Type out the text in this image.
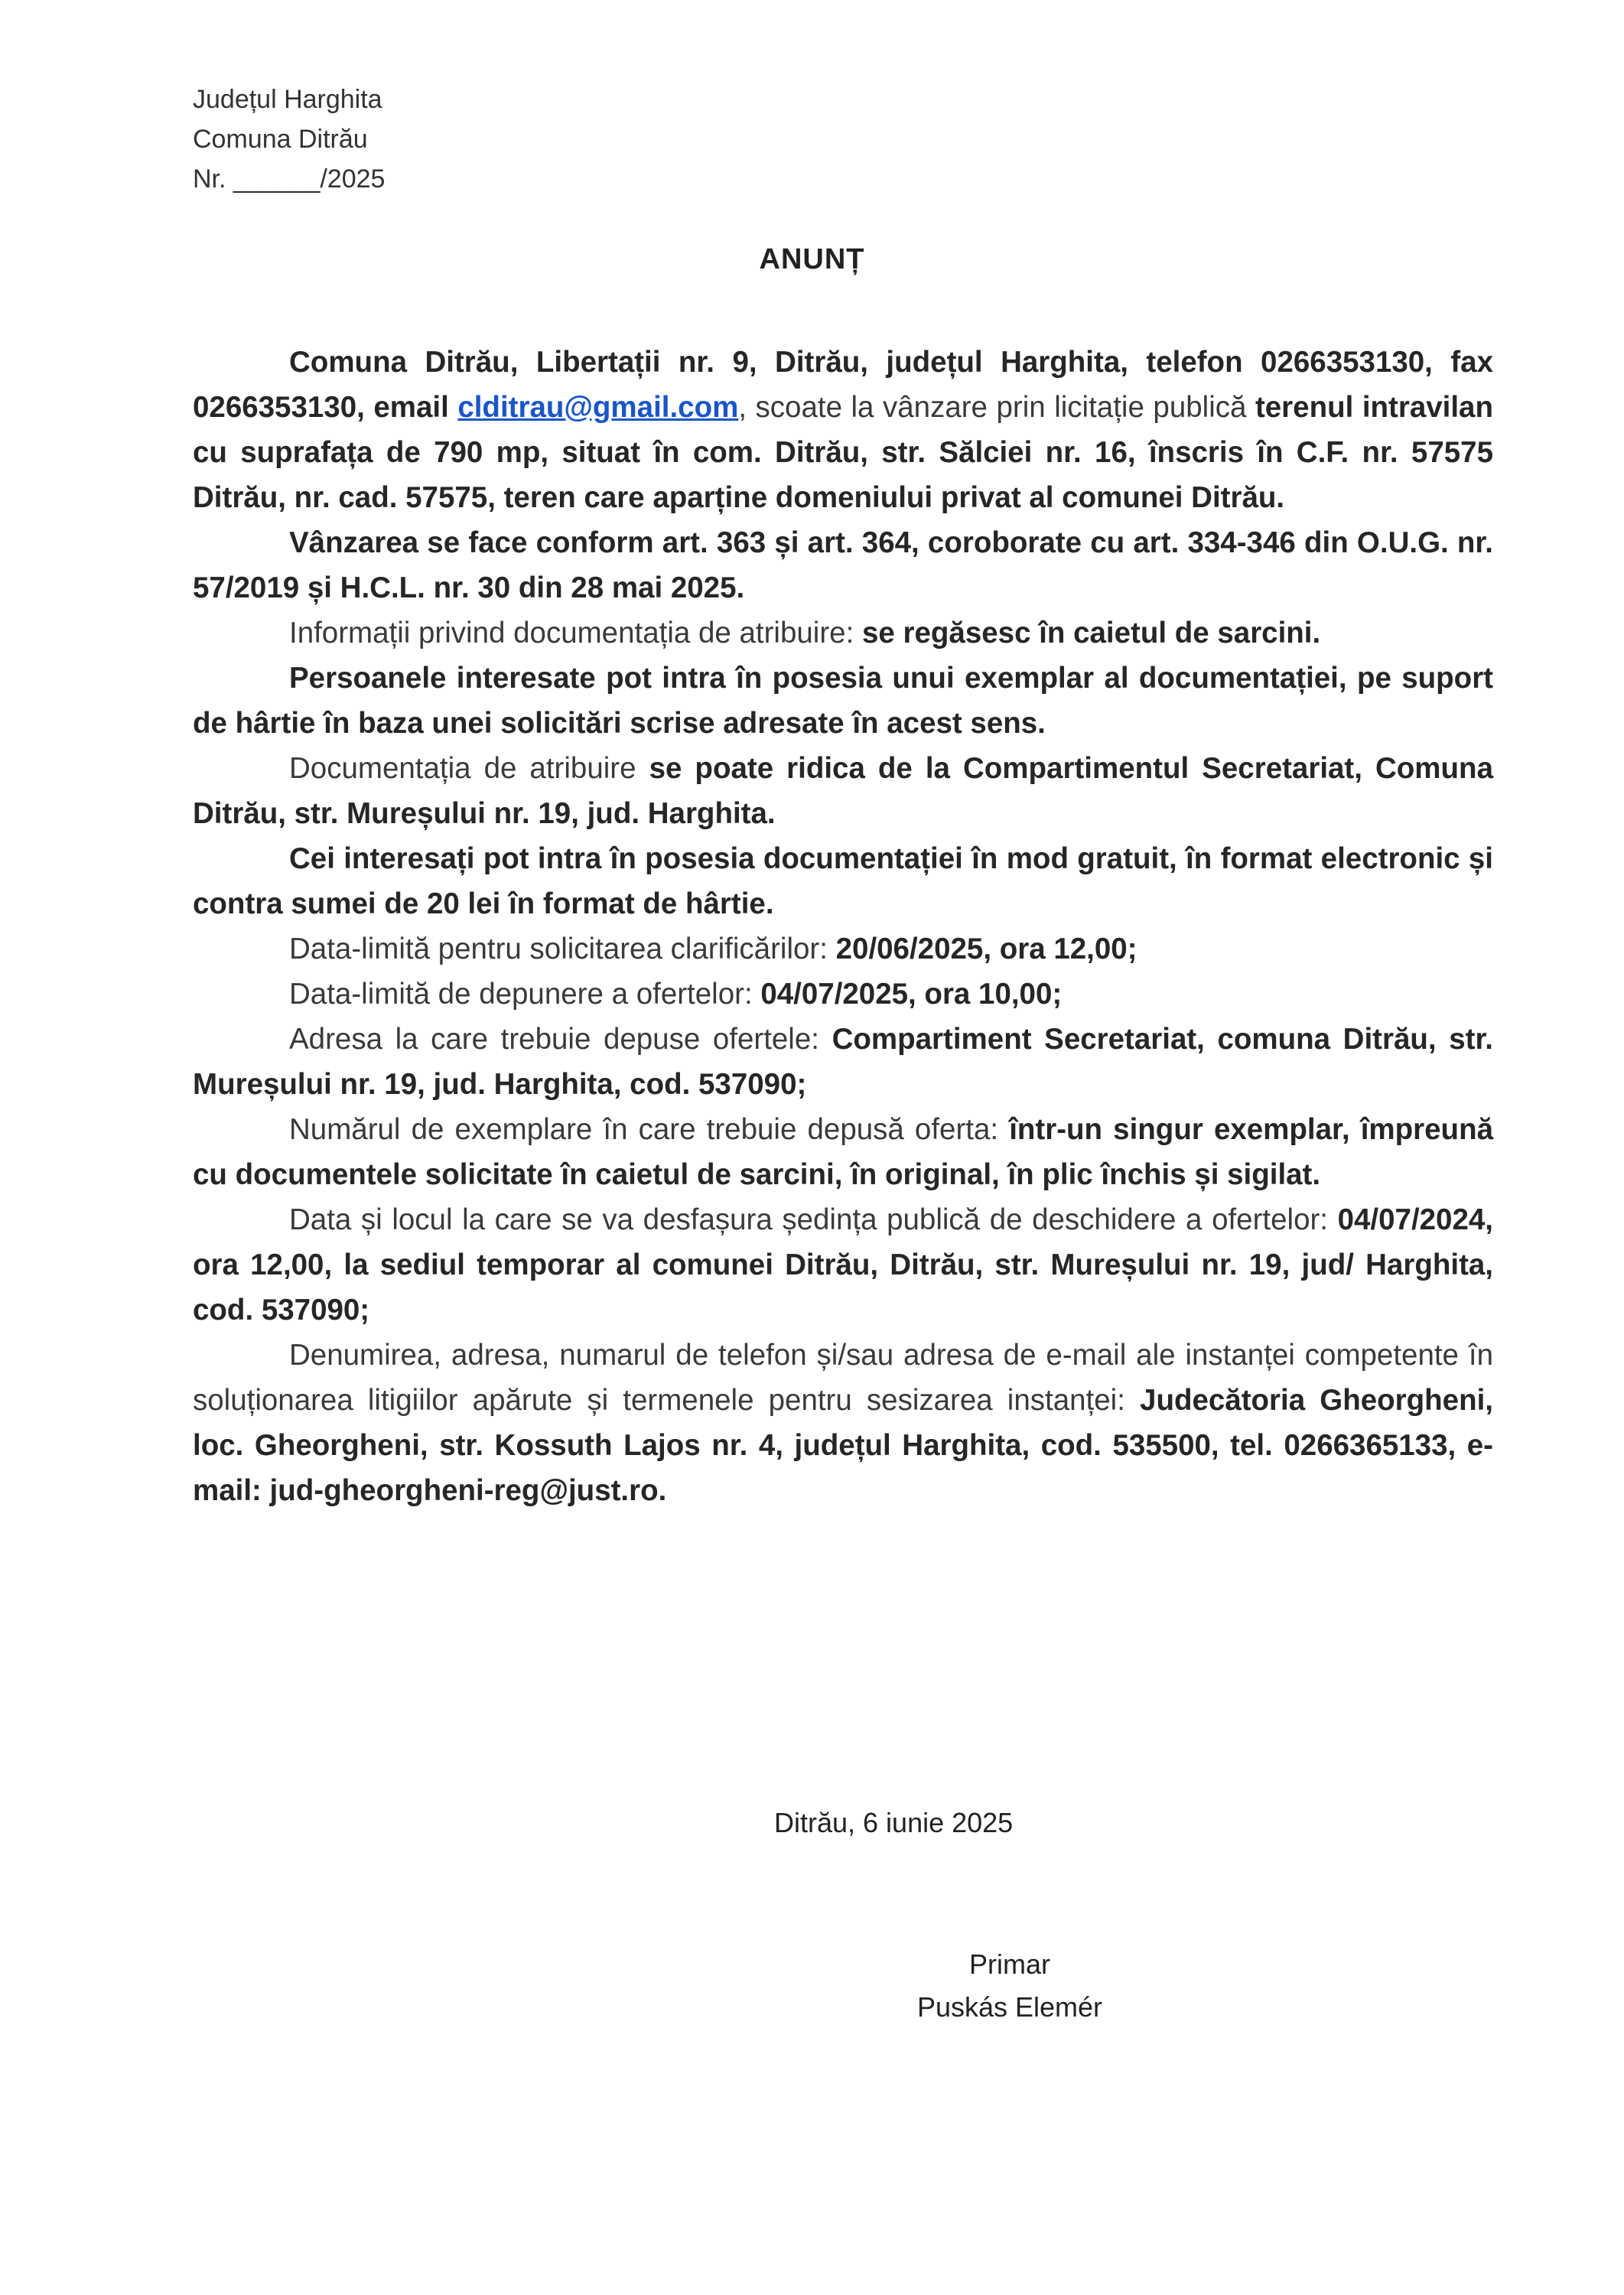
Județul Harghita
Comuna Ditrău
Nr. ______/2025
ANUNȚ

Comuna Ditrău, Libertații nr. 9, Ditrău, județul Harghita, telefon 0266353130, fax 0266353130, email clditrau@gmail.com, scoate la vânzare prin licitație publică terenul intravilan cu suprafața de 790 mp, situat în com. Ditrău, str. Sălciei nr. 16, înscris în C.F. nr. 57575 Ditrău, nr. cad. 57575, teren care aparține domeniului privat al comunei Ditrău.

Vânzarea se face conform art. 363 și art. 364, coroborate cu art. 334-346 din O.U.G. nr. 57/2019 și H.C.L. nr. 30 din 28 mai 2025.

Informații privind documentația de atribuire: se regăsesc în caietul de sarcini.

Persoanele interesate pot intra în posesia unui exemplar al documentației, pe suport de hârtie în baza unei solicitări scrise adresate în acest sens.

Documentația de atribuire se poate ridica de la Compartimentul Secretariat, Comuna Ditrău, str. Mureșului nr. 19, jud. Harghita.

Cei interesați pot intra în posesia documentației în mod gratuit, în format electronic și contra sumei de 20 lei în format de hârtie.

Data-limită pentru solicitarea clarificărilor: 20/06/2025, ora 12,00;

Data-limită de depunere a ofertelor: 04/07/2025, ora 10,00;

Adresa la care trebuie depuse ofertele: Compartiment Secretariat, comuna Ditrău, str. Mureșului nr. 19, jud. Harghita, cod. 537090;

Numărul de exemplare în care trebuie depusă oferta: într-un singur exemplar, împreună cu documentele solicitate în caietul de sarcini, în original, în plic închis și sigilat.

Data și locul la care se va desfașura ședința publică de deschidere a ofertelor: 04/07/2024, ora 12,00, la sediul temporar al comunei Ditrău, Ditrău, str. Mureșului nr. 19, jud/ Harghita, cod. 537090;

Denumirea, adresa, numarul de telefon și/sau adresa de e-mail ale instanței competente în soluționarea litigiilor apărute și termenele pentru sesizarea instanței: Judecătoria Gheorgheni, loc. Gheorgheni, str. Kossuth Lajos nr. 4, județul Harghita, cod. 535500, tel. 0266365133, e-mail: jud-gheorgheni-reg@just.ro.

Ditrău, 6 iunie 2025
Primar
Puskás Elemér
